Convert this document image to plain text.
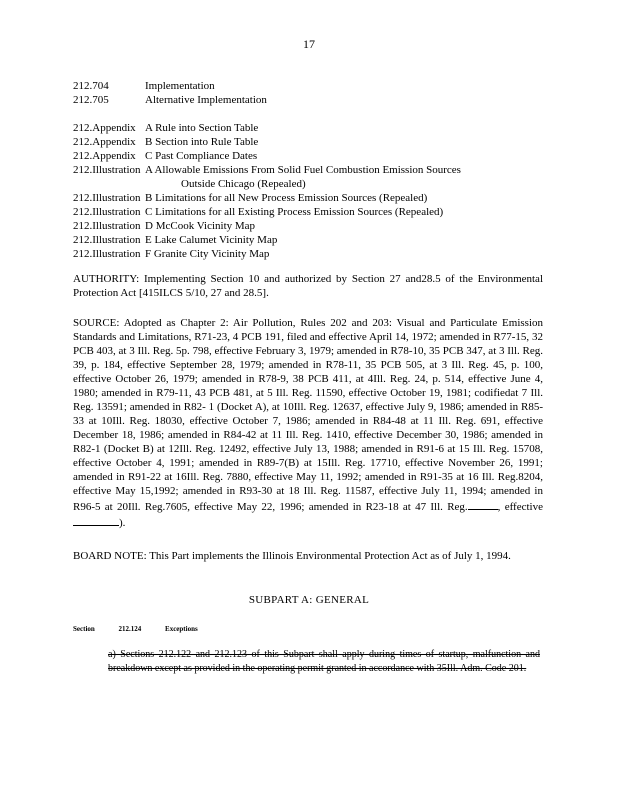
17
212.704	Implementation
212.705	Alternative Implementation
212.Appendix A Rule into Section Table
212.Appendix B Section into Rule Table
212.Appendix C Past Compliance Dates
212.Illustration A Allowable Emissions From Solid Fuel Combustion Emission Sources
Outside Chicago (Repealed)
212.Illustration B Limitations for all New Process Emission Sources (Repealed)
212.Illustration C Limitations for all Existing Process Emission Sources (Repealed)
212.Illustration D McCook Vicinity Map
212.Illustration E Lake Calumet Vicinity Map
212.Illustration F Granite City Vicinity Map
AUTHORITY: Implementing Section 10 and authorized by Section 27 and28.5 of the Environmental Protection Act [415ILCS 5/10, 27 and 28.5].
SOURCE: Adopted as Chapter 2: Air Pollution, Rules 202 and 203: Visual and Particulate Emission Standards and Limitations, R71-23, 4 PCB 191, filed and effective April 14, 1972; amended in R77-15, 32 PCB 403, at 3 Ill. Reg. 5p. 798, effective February 3, 1979; amended in R78-10, 35 PCB 347, at 3 Ill. Reg. 39, p. 184, effective September 28, 1979; amended in R78-11, 35 PCB 505, at 3 Ill. Reg. 45, p. 100, effective October 26, 1979; amended in R78-9, 38 PCB 411, at 4Ill. Reg. 24, p. 514, effective June 4, 1980; amended in R79-11, 43 PCB 481, at 5 Ill. Reg. 11590, effective October 19, 1981; codifiedat 7 Ill. Reg. 13591; amended in R82- 1 (Docket A), at 10Ill. Reg. 12637, effective July 9, 1986; amended in R85-33 at 10Ill. Reg. 18030, effective October 7, 1986; amended in R84-48 at 11 Ill. Reg. 691, effective December 18, 1986; amended in R84-42 at 11 Ill. Reg. 1410, effective December 30, 1986; amended in R82-1 (Docket B) at 12Ill. Reg. 12492, effective July 13, 1988; amended in R91-6 at 15 Ill. Reg. 15708, effective October 4, 1991; amended in R89-7(B) at 15Ill. Reg. 17710, effective November 26, 1991; amended in R91-22 at 16Ill. Reg. 7880, effective May 11, 1992; amended in R91-35 at 16 Ill. Reg.8204, effective May 15,1992; amended in R93-30 at 18 Ill. Reg. 11587, effective July 11, 1994; amended in R96-5 at 20Ill. Reg.7605, effective May 22, 1996; amended in R23-18 at 47 Ill. Reg.	, effective ).
BOARD NOTE: This Part implements the Illinois Environmental Protection Act as of July 1, 1994.
SUBPART A: GENERAL
Section	212.124	Exceptions
a) Sections 212.122 and 212.123 of this Subpart shall apply during times of startup, malfunction and breakdown except as provided in the operating permit granted in accordance with 35Ill. Adm. Code 201.
